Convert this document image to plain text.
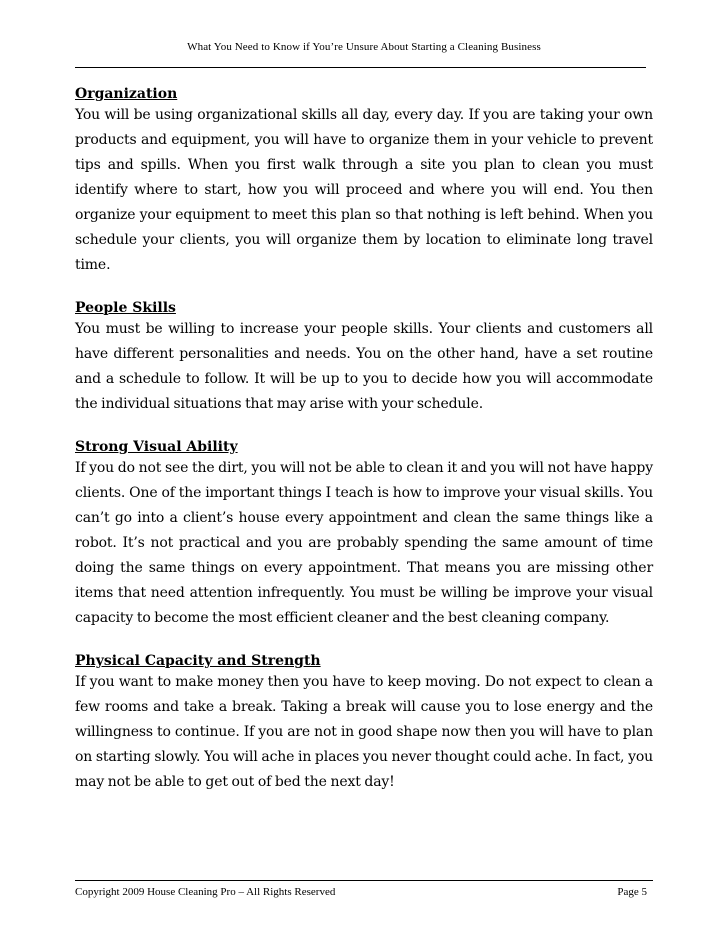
What You Need to Know if You’re Unsure About Starting a Cleaning Business
Organization
You will be using organizational skills all day, every day. If you are taking your own products and equipment, you will have to organize them in your vehicle to prevent tips and spills. When you first walk through a site you plan to clean you must identify where to start, how you will proceed and where you will end. You then organize your equipment to meet this plan so that nothing is left behind. When you schedule your clients, you will organize them by location to eliminate long travel time.
People Skills
You must be willing to increase your people skills. Your clients and customers all have different personalities and needs. You on the other hand, have a set routine and a schedule to follow. It will be up to you to decide how you will accommodate the individual situations that may arise with your schedule.
Strong Visual Ability
If you do not see the dirt, you will not be able to clean it and you will not have happy clients. One of the important things I teach is how to improve your visual skills. You can’t go into a client’s house every appointment and clean the same things like a robot. It’s not practical and you are probably spending the same amount of time doing the same things on every appointment. That means you are missing other items that need attention infrequently. You must be willing be improve your visual capacity to become the most efficient cleaner and the best cleaning company.
Physical Capacity and Strength
If you want to make money then you have to keep moving. Do not expect to clean a few rooms and take a break. Taking a break will cause you to lose energy and the willingness to continue. If you are not in good shape now then you will have to plan on starting slowly. You will ache in places you never thought could ache. In fact, you may not be able to get out of bed the next day!
Copyright 2009 House Cleaning Pro – All Rights Reserved	Page 5
